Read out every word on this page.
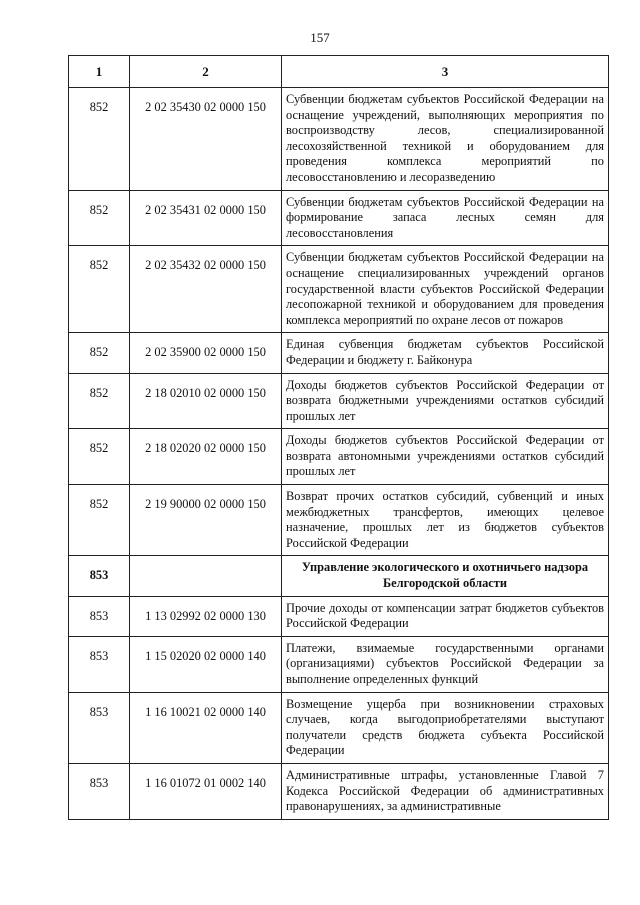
157
1	2	3
852	2 02 35430 02 0000 150	Субвенции бюджетам субъектов Российской Федерации на оснащение учреждений, выполняющих мероприятия по воспроизводству лесов, специализированной лесохозяйственной техникой и оборудованием для проведения комплекса мероприятий по лесовосстановлению и лесоразведению
852	2 02 35431 02 0000 150	Субвенции бюджетам субъектов Российской Федерации на формирование запаса лесных семян для лесовосстановления
852	2 02 35432 02 0000 150	Субвенции бюджетам субъектов Российской Федерации на оснащение специализированных учреждений органов государственной власти субъектов Российской Федерации лесопожарной техникой и оборудованием для проведения комплекса мероприятий по охране лесов от пожаров
852	2 02 35900 02 0000 150	Единая субвенция бюджетам субъектов Российской Федерации и бюджету г. Байконура
852	2 18 02010 02 0000 150	Доходы бюджетов субъектов Российской Федерации от возврата бюджетными учреждениями остатков субсидий прошлых лет
852	2 18 02020 02 0000 150	Доходы бюджетов субъектов Российской Федерации от возврата автономными учреждениями остатков субсидий прошлых лет
852	2 19 90000 02 0000 150	Возврат прочих остатков субсидий, субвенций и иных межбюджетных трансфертов, имеющих целевое назначение, прошлых лет из бюджетов субъектов Российской Федерации
853		Управление экологического и охотничьего надзора Белгородской области
853	1 13 02992 02 0000 130	Прочие доходы от компенсации затрат бюджетов субъектов Российской Федерации
853	1 15 02020 02 0000 140	Платежи, взимаемые государственными органами (организациями) субъектов Российской Федерации за выполнение определенных функций
853	1 16 10021 02 0000 140	Возмещение ущерба при возникновении страховых случаев, когда выгодоприобретателями выступают получатели средств бюджета субъекта Российской Федерации
853	1 16 01072 01 0002 140	Административные штрафы, установленные Главой 7 Кодекса Российской Федерации об административных правонарушениях, за административные
